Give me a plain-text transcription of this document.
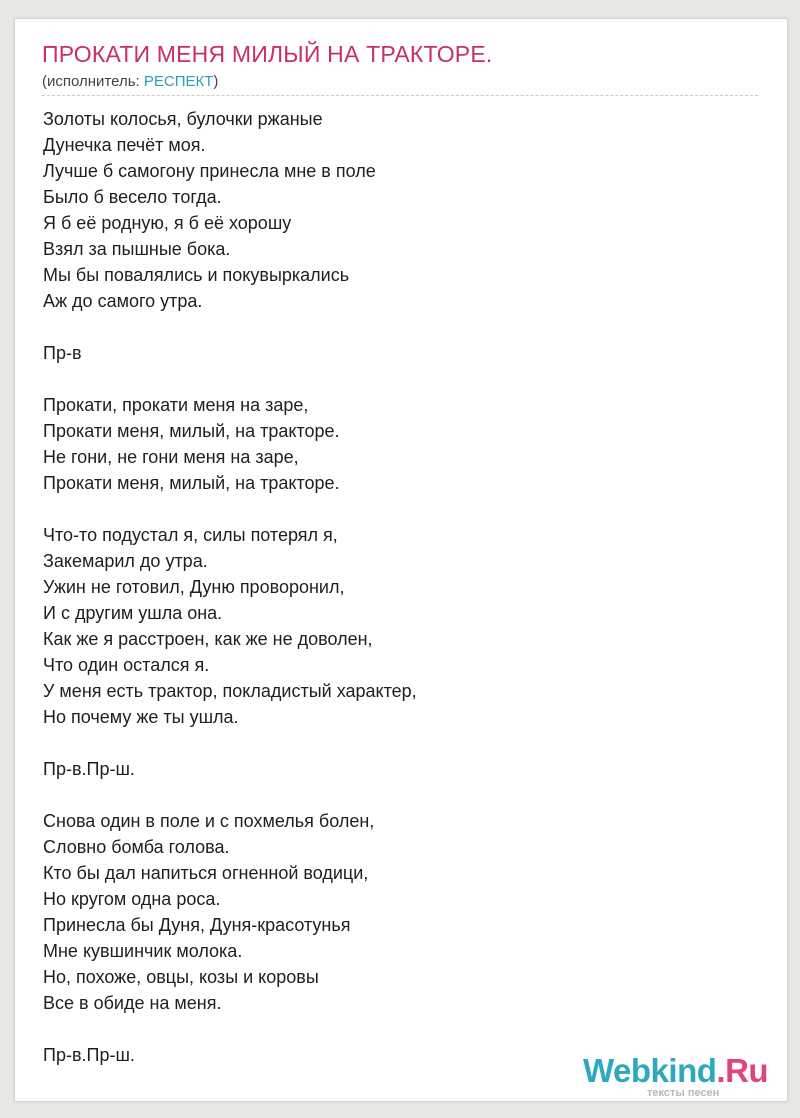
ПРОКАТИ МЕНЯ МИЛЫЙ НА ТРАКТОРЕ.
(исполнитель: РЕСПЕКТ)
Золоты колосья, булочки ржаные
Дунечка печёт моя.
Лучше б самогону принесла мне в поле
Было б весело тогда.
Я б её родную, я б её хорошу
Взял за пышные бока.
Мы бы повалялись и покувыркались
Аж до самого утра.
Пр-в
Прокати, прокати меня на заре,
Прокати меня, милый, на тракторе.
Не гони, не гони меня на заре,
Прокати меня, милый, на тракторе.
Что-то подустал я, силы потерял я,
Закемарил до утра.
Ужин не готовил, Дуню проворонил,
И с другим ушла она.
Как же я расстроен, как же не доволен,
Что один остался я.
У меня есть трактор, покладистый характер,
Но почему же ты ушла.
Пр-в.Пр-ш.
Снова один в поле и с похмелья болен,
Словно бомба голова.
Кто бы дал напиться огненной водици,
Но кругом одна роса.
Принесла бы Дуня, Дуня-красотунья
Мне кувшинчик молока.
Но, похоже, овцы, козы и коровы
Все в обиде на меня.
Пр-в.Пр-ш.	Webkind.Ru
тексты песен
